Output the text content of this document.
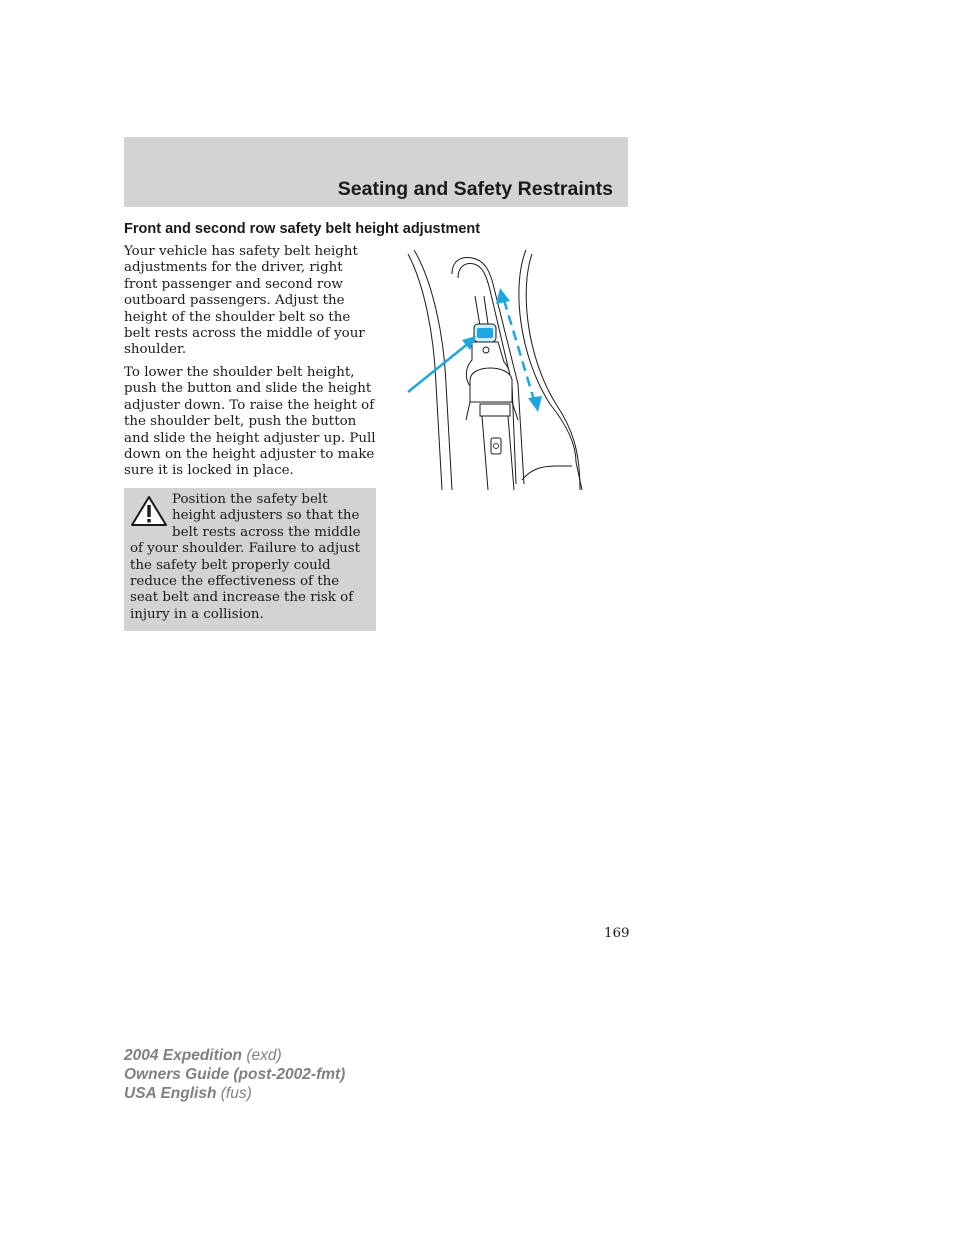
Seating and Safety Restraints
Front and second row safety belt height adjustment

Your vehicle has safety belt height adjustments for the driver, right front passenger and second row outboard passengers. Adjust the height of the shoulder belt so the belt rests across the middle of your shoulder.

To lower the shoulder belt height, push the button and slide the height adjuster down. To raise the height of the shoulder belt, push the button and slide the height adjuster up. Pull down on the height adjuster to make sure it is locked in place.

Position the safety belt height adjusters so that the belt rests across the middle of your shoulder. Failure to adjust the safety belt properly could reduce the effectiveness of the seat belt and increase the risk of injury in a collision.

169
2004 Expedition (exd)
Owners Guide (post-2002-fmt)
USA English (fus)
